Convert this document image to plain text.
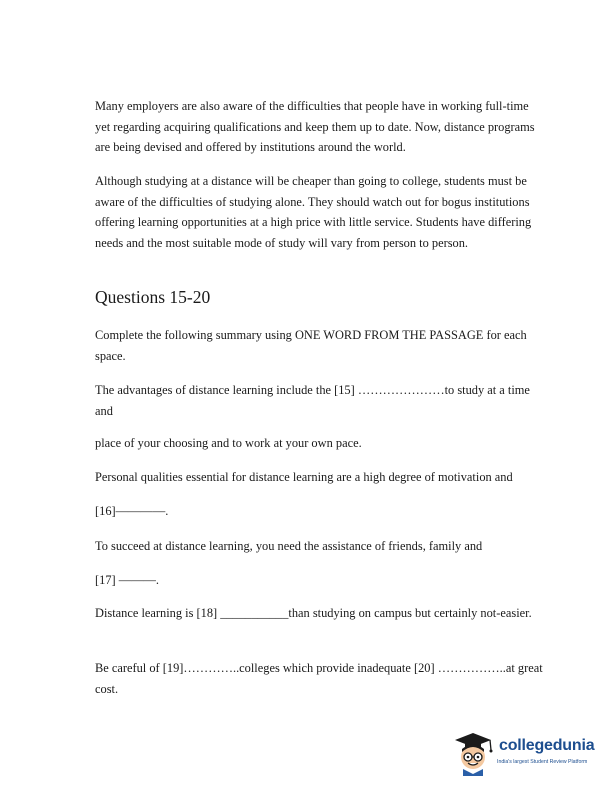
Many employers are also aware of the difficulties that people have in working full-time yet regarding acquiring qualifications and keep them up to date. Now, distance programs are being devised and offered by institutions around the world.

Although studying at a distance will be cheaper than going to college, students must be aware of the difficulties of studying alone. They should watch out for bogus institutions offering learning opportunities at a high price with little service. Students have differing needs and the most suitable mode of study will vary from person to person.

Questions 15-20

Complete the following summary using ONE WORD FROM THE PASSAGE for each space.

The advantages of distance learning include the [15] …………………to study at a time and

place of your choosing and to work at your own pace.

Personal qualities essential for distance learning are a high degree of motivation and

[16]————.

To succeed at distance learning, you need the assistance of friends, family and

[17] ———.

Distance learning is [18] ___________than studying on campus but certainly not-easier.

Be careful of [19]…………..colleges which provide inadequate [20] ……………..at great cost.

collegedunia
India's largest Student Review Platform
